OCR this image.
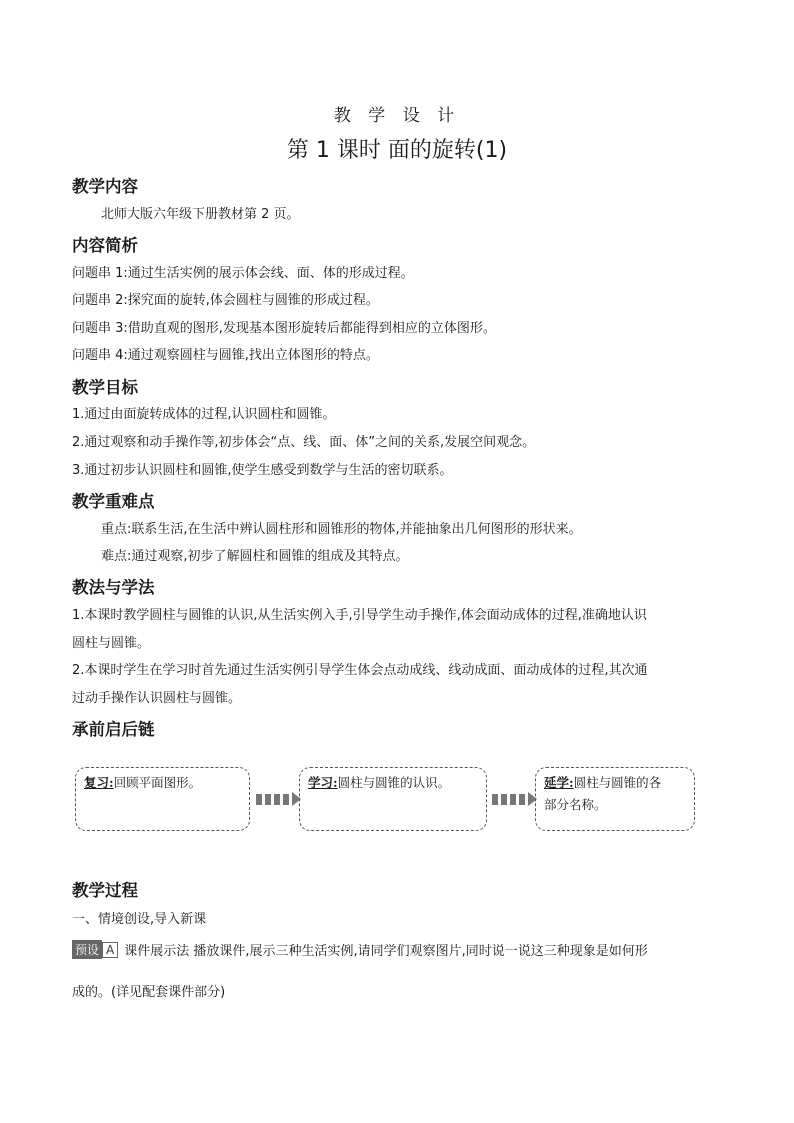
教 学 设 计
第 1 课时 面的旋转(1)
教学内容
北师大版六年级下册教材第 2 页。
内容简析
问题串 1:通过生活实例的展示体会线、面、体的形成过程。
问题串 2:探究面的旋转,体会圆柱与圆锥的形成过程。
问题串 3:借助直观的图形,发现基本图形旋转后都能得到相应的立体图形。
问题串 4:通过观察圆柱与圆锥,找出立体图形的特点。
教学目标
1.通过由面旋转成体的过程,认识圆柱和圆锥。
2.通过观察和动手操作等,初步体会“点、线、面、体”之间的关系,发展空间观念。
3.通过初步认识圆柱和圆锥,使学生感受到数学与生活的密切联系。
教学重难点
重点:联系生活,在生活中辨认圆柱形和圆锥形的物体,并能抽象出几何图形的形状来。
难点:通过观察,初步了解圆柱和圆锥的组成及其特点。
教法与学法
1.本课时教学圆柱与圆锥的认识,从生活实例入手,引导学生动手操作,体会面动成体的过程,准确地认识
圆柱与圆锥。
2.本课时学生在学习时首先通过生活实例引导学生体会点动成线、线动成面、面动成体的过程,其次通
过动手操作认识圆柱与圆锥。
承前启后链
复习:回顾平面图形。	学习:圆柱与圆锥的认识。	延学:圆柱与圆锥的各
部分名称。
教学过程
一、情境创设,导入新课
预设 A 课件展示法 播放课件,展示三种生活实例,请同学们观察图片,同时说一说这三种现象是如何形
成的。(详见配套课件部分)
